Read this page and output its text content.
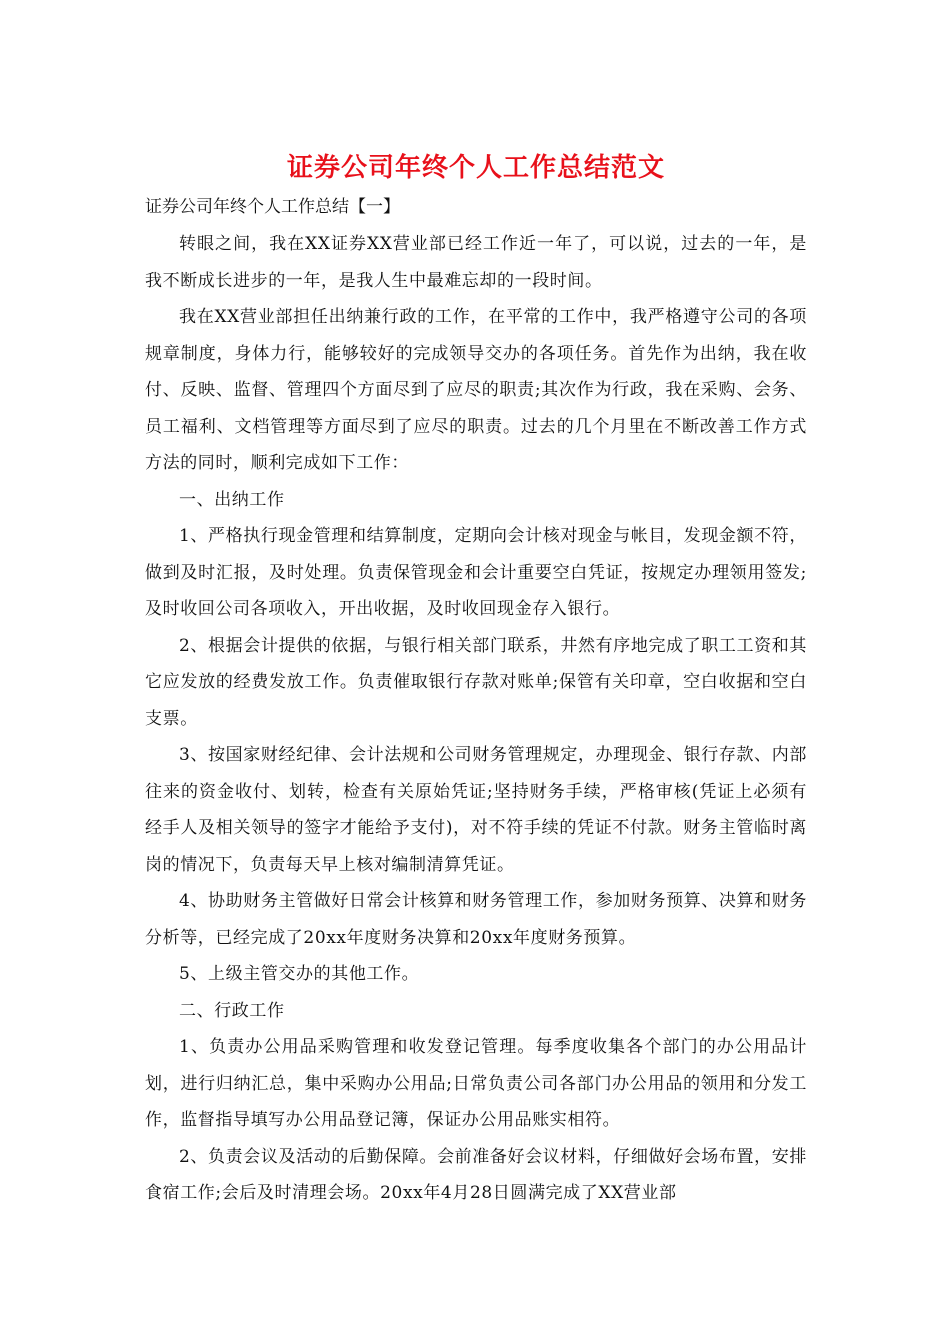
证券公司年终个人工作总结范文

证券公司年终个人工作总结【一】

转眼之间，我在XX证券XX营业部已经工作近一年了，可以说，过去的一年，是我不断成长进步的一年，是我人生中最难忘却的一段时间。

我在XX营业部担任出纳兼行政的工作，在平常的工作中，我严格遵守公司的各项规章制度，身体力行，能够较好的完成领导交办的各项任务。首先作为出纳，我在收付、反映、监督、管理四个方面尽到了应尽的职责;其次作为行政，我在采购、会务、员工福利、文档管理等方面尽到了应尽的职责。过去的几个月里在不断改善工作方式方法的同时，顺利完成如下工作：

一、出纳工作

1、严格执行现金管理和结算制度，定期向会计核对现金与帐目，发现金额不符，做到及时汇报，及时处理。负责保管现金和会计重要空白凭证，按规定办理领用签发;及时收回公司各项收入，开出收据，及时收回现金存入银行。

2、根据会计提供的依据，与银行相关部门联系，井然有序地完成了职工工资和其它应发放的经费发放工作。负责催取银行存款对账单;保管有关印章，空白收据和空白支票。

3、按国家财经纪律、会计法规和公司财务管理规定，办理现金、银行存款、内部往来的资金收付、划转，检查有关原始凭证;坚持财务手续，严格审核(凭证上必须有经手人及相关领导的签字才能给予支付)，对不符手续的凭证不付款。财务主管临时离岗的情况下，负责每天早上核对编制清算凭证。

4、协助财务主管做好日常会计核算和财务管理工作，参加财务预算、决算和财务分析等，已经完成了20xx年度财务决算和20xx年度财务预算。

5、上级主管交办的其他工作。

二、行政工作

1、负责办公用品采购管理和收发登记管理。每季度收集各个部门的办公用品计划，进行归纳汇总，集中采购办公用品;日常负责公司各部门办公用品的领用和分发工作，监督指导填写办公用品登记簿，保证办公用品账实相符。

2、负责会议及活动的后勤保障。会前准备好会议材料，仔细做好会场布置，安排食宿工作;会后及时清理会场。20xx年4月28日圆满完成了XX营业部
